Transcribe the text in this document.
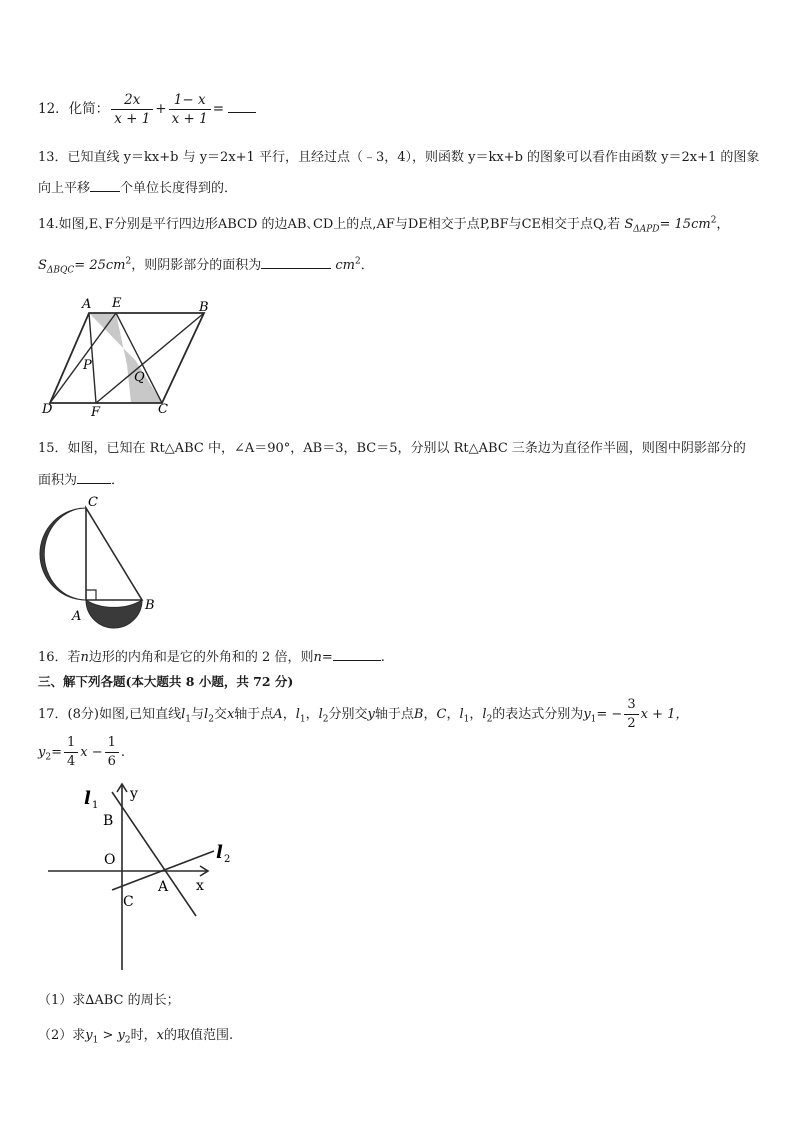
12．化简： $\frac{2x}{x + 1} + \frac{1- x}{x + 1}$ =
13．已知直线 y＝kx+b 与 y＝2x+1 平行，且经过点（﹣3，4），则函数 y＝kx+b 的图象可以看作由函数 y＝2x+1 的图象
向上平移 个单位长度得到的．
14.如图,E､F分别是平行四边形ABCD 的边AB､CD上的点,AF与DE相交于点P,BF与CE相交于点Q,若 $S_{\Delta APD}= 15cm^2$，
$S_{\Delta BQC}= 25cm^2$，则阴影部分的面积为	$cm^2$．
A E	B
P
Q
D	F	C
15．如图，已知在 Rt△ABC 中，∠A＝90°，AB＝3，BC＝5，分别以 Rt△ABC 三条边为直径作半圆，则图中阴影部分的
面积为	．
C
A
B
16．若n边形的内角和是它的外角和的 2 倍，则n=	.
三、解下列各题(本大题共 8 小题，共 72 分)
17．(8分)如图,已知直线$l_1$与$l_2$交x轴于点A，$l_1$，$l_2$分别交y轴于点B，C，$l_1$，$l_2$的表达式分别为$y_1= - \frac{3}{2}$ x + 1，
$y_2= \frac{1}{4}$ $x - \frac{1}{6}$ .
l 1
y
B
O	l 2
x
A
C
（1）求∆ABC 的周长；
（2）求$y_1 > y_2$时，x的取值范围.
